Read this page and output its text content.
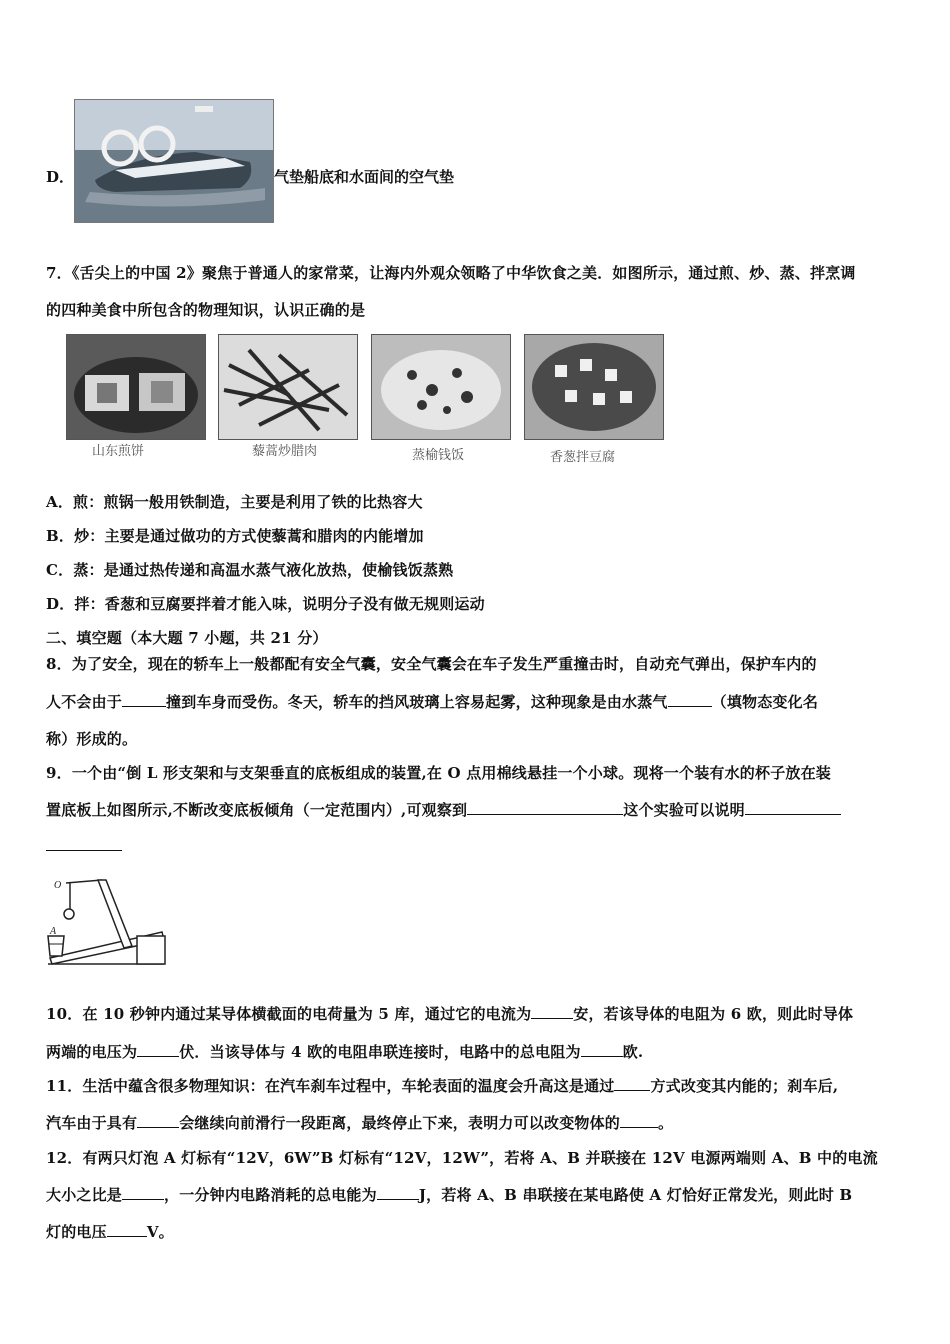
D．	气垫船底和水面间的空气垫
7．《舌尖上的中国 2》聚焦于普通人的家常菜，让海内外观众领略了中华饮食之美．如图所示，通过煎、炒、蒸、拌烹调
的四种美食中所包含的物理知识，认识正确的是
山东煎饼	藜蒿炒腊肉	蒸榆钱饭	香葱拌豆腐
A．煎：煎锅一般用铁制造，主要是利用了铁的比热容大
B．炒：主要是通过做功的方式使藜蒿和腊肉的内能增加
C．蒸：是通过热传递和高温水蒸气液化放热，使榆钱饭蒸熟
D．拌：香葱和豆腐要拌着才能入味，说明分子没有做无规则运动
二、填空题（本大题 7 小题，共 21 分）
8．为了安全，现在的轿车上一般都配有安全气囊，安全气囊会在车子发生严重撞击时，自动充气弹出，保护车内的
人不会由于	撞到车身而受伤。冬天，轿车的挡风玻璃上容易起雾，这种现象是由水蒸气	（填物态变化名
称）形成的。
9．一个由“倒 L 形支架和与支架垂直的底板组成的装置,在 O 点用棉线悬挂一个小球。现将一个装有水的杯子放在装
置底板上如图所示,不断改变底板倾角（一定范围内）,可观察到	这个实验可以说明
O
A
10．在 10 秒钟内通过某导体横截面的电荷量为 5 库，通过它的电流为	安，若该导体的电阻为 6 欧，则此时导体
两端的电压为	伏．当该导体与 4 欧的电阻串联连接时，电路中的总电阻为	欧.
11．生活中蕴含很多物理知识：在汽车刹车过程中，车轮表面的温度会升高这是通过 方式改变其内能的；刹车后,
汽车由于具有	会继续向前滑行一段距离，最终停止下来，表明力可以改变物体的	。
12．有两只灯泡 A 灯标有“12V，6W”B 灯标有“12V，12W”，若将 A、B 并联接在 12V 电源两端则 A、B 中的电流
大小之比是	，一分钟内电路消耗的总电能为	J，若将 A、B 串联接在某电路使 A 灯恰好正常发光，则此时 B
灯的电压	V。
